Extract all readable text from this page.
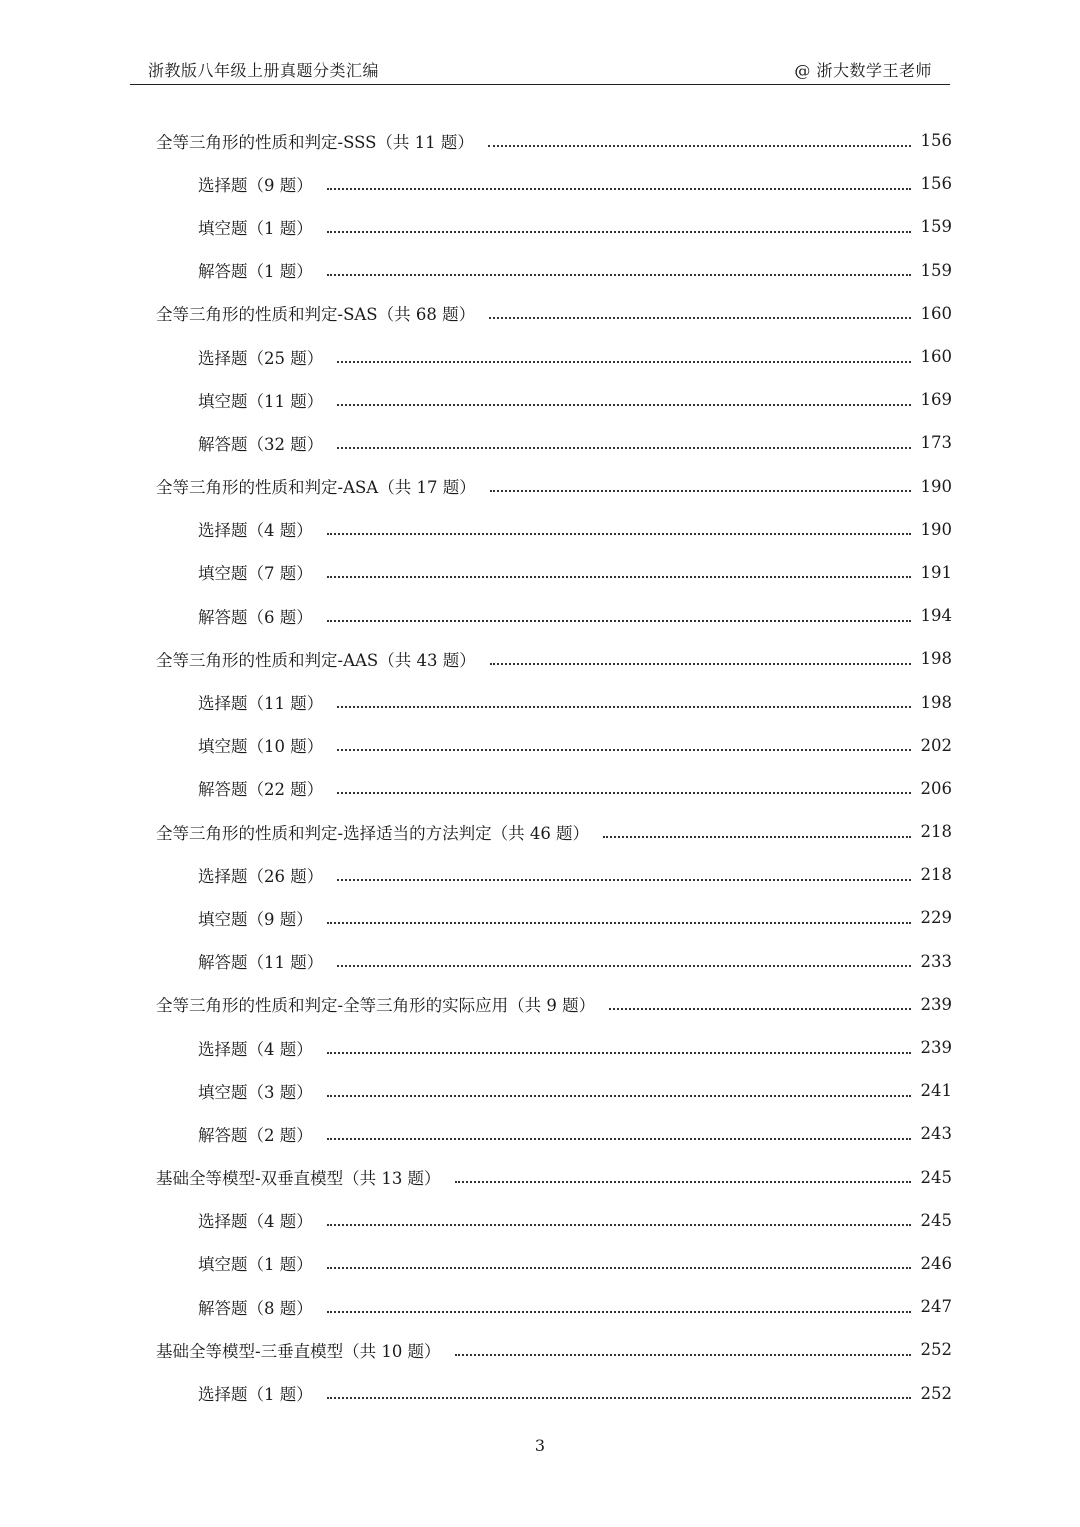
浙教版八年级上册真题分类汇编	@ 浙大数学王老师
全等三角形的性质和判定-SSS（共 11 题）	156
选择题（9 题）	156
填空题（1 题）	159
解答题（1 题）	159
全等三角形的性质和判定-SAS（共 68 题）	160
选择题（25 题）	160
填空题（11 题）	169
解答题（32 题）	173
全等三角形的性质和判定-ASA（共 17 题）	190
选择题（4 题）	190
填空题（7 题）	191
解答题（6 题）	194
全等三角形的性质和判定-AAS（共 43 题）	198
选择题（11 题）	198
填空题（10 题）	202
解答题（22 题）	206
全等三角形的性质和判定-选择适当的方法判定（共 46 题）	218
选择题（26 题）	218
填空题（9 题）	229
解答题（11 题）	233
全等三角形的性质和判定-全等三角形的实际应用（共 9 题）	239
选择题（4 题）	239
填空题（3 题）	241
解答题（2 题）	243
基础全等模型-双垂直模型（共 13 题）	245
选择题（4 题）	245
填空题（1 题）	246
解答题（8 题）	247
基础全等模型-三垂直模型（共 10 题）	252
选择题（1 题）	252
3
